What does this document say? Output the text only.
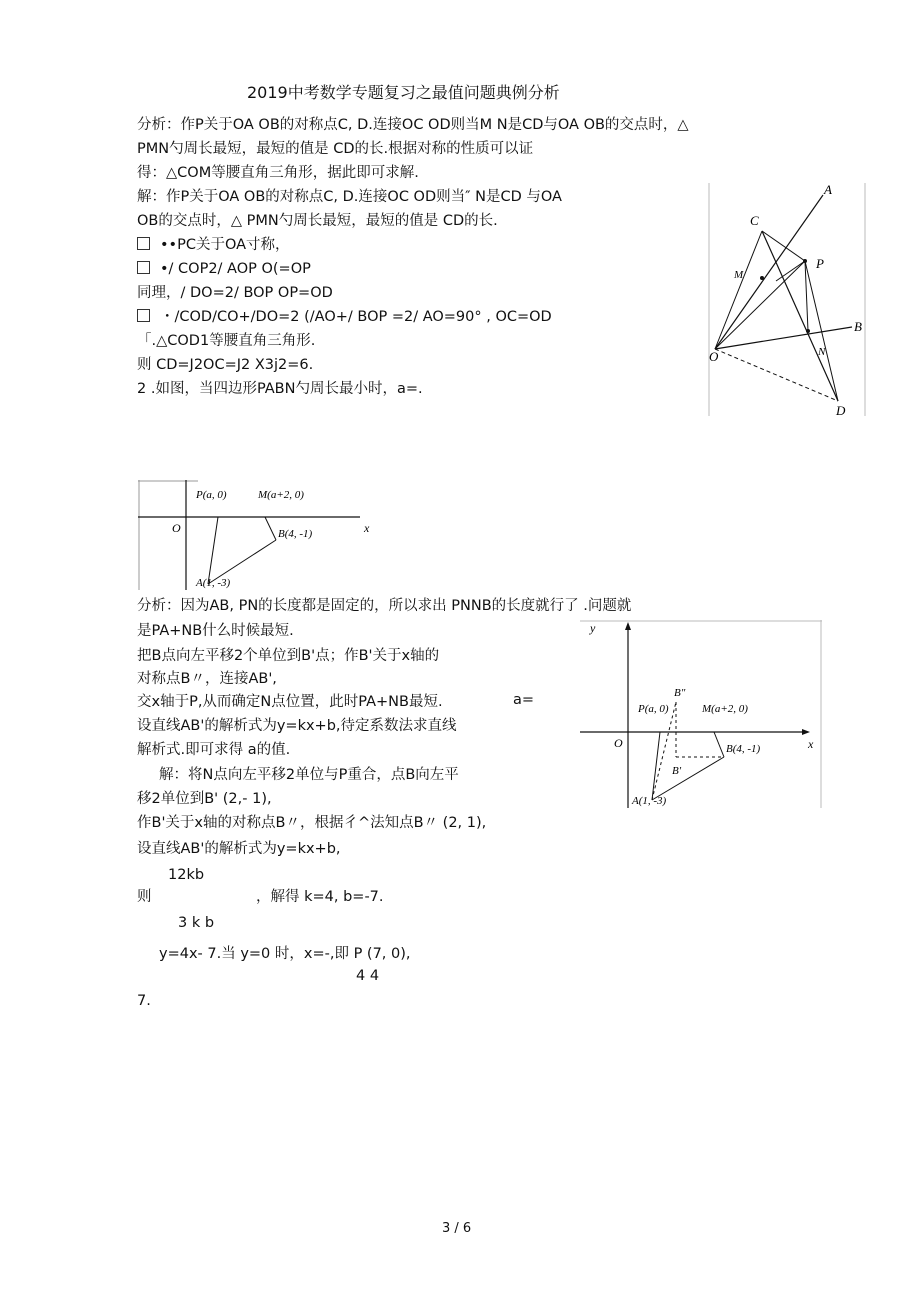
2019中考数学专题复习之最值问题典例分析
分析：作P关于OA OB的对称点C, D.连接OC OD则当M N是CD与OA OB的交点时，△
PMN勺周长最短，最短的值是 CD的长.根据对称的性质可以证
得：△COM等腰直角三角形，据此即可求解.
解：作P关于OA OB的对称点C, D.连接OC OD则当″ N是CD 与OA
OB的交点时，△ PMN勺周长最短，最短的值是 CD的长.
••PC关于OA寸称，
•/ COP2/ AOP O(=OP
同理，/ DO=2/ BOP OP=OD
・/COD/CO+/DO=2 (/AO+/ BOP =2/ AO=90° , OC=OD
「.△COD1等腰直角三角形.
则 CD=J2OC=J2 X3j2=6.
2 .如图，当四边形PABN勺周长最小时，a=.
A
B
C
D
P
M
N
O
P(a, 0)	M(a+2, 0)
O	B(4, -1)
A(1, -3)
x
分析：因为AB, PN的长度都是固定的，所以求出 PNNB的长度就行了 .问题就
是PA+NB什么时候最短.
把B点向左平移2个单位到B'点；作B'关于x轴的
对称点B〃，连接AB',
交x轴于P,从而确定N点位置，此时PA+NB最短.	a=
设直线AB'的解析式为y=kx+b,待定系数法求直线
解析式.即可求得 a的值.
解：将N点向左平移2单位与P重合，点B向左平
移2单位到B' (2,- 1),
作B'关于x轴的对称点B〃，根据彳^法知点B〃 (2, 1),
设直线AB'的解析式为y=kx+b,
12kb
则	，解得 k=4, b=-7.
3 k b
y=4x- 7.当 y=0 时，x=-,即 P (7, 0),
4 4
7.
y
B″
P(a, 0)	M(a+2, 0)
O	B(4, -1)
B'
A(1, -3)
x
3 / 6
